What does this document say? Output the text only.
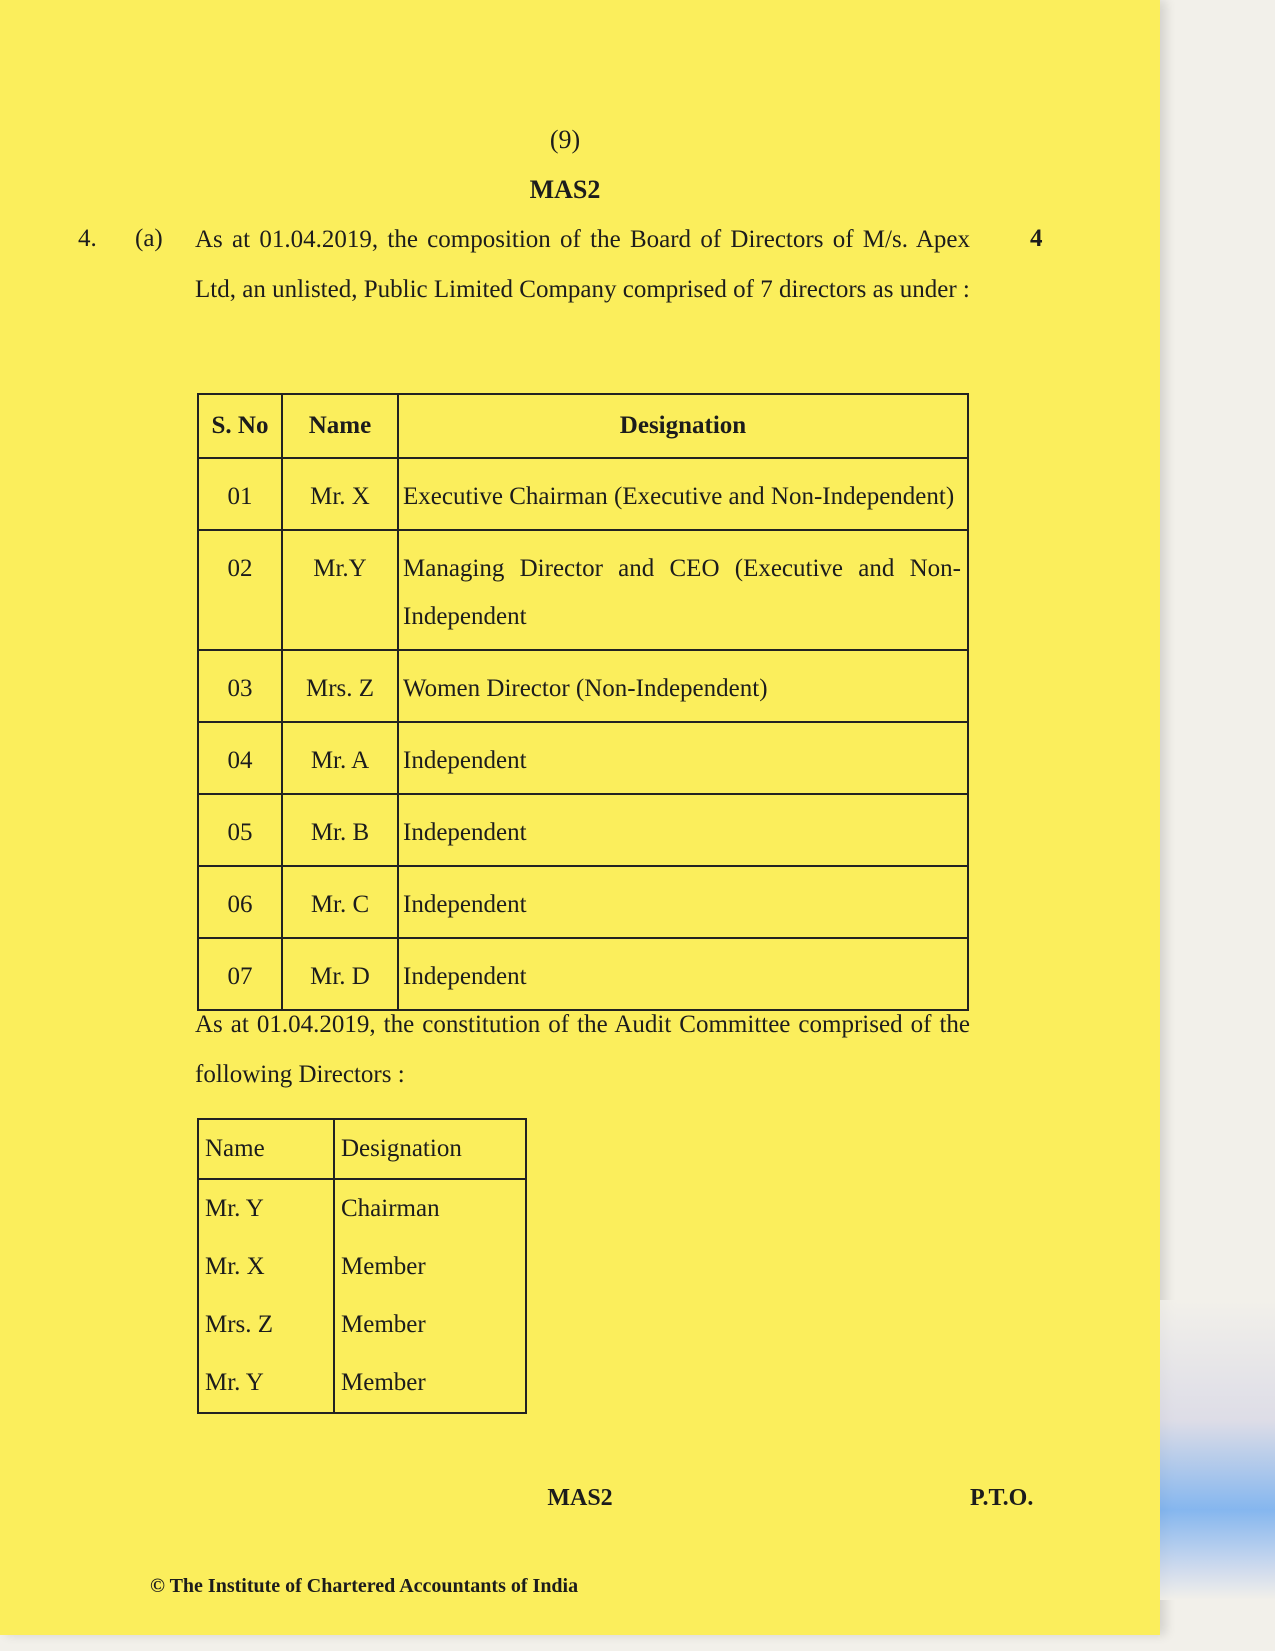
(9)
MAS2
4. (a)	4
As at 01.04.2019, the composition of the Board of Directors of M/s. Apex Ltd, an unlisted, Public Limited Company comprised of 7 directors as under :
S. No	Name	Designation
01	Mr. X	Executive Chairman (Executive and Non-Independent)
02	Mr.Y	Managing Director and CEO (Executive and Non-Independent
03	Mrs. Z	Women Director (Non-Independent)
04	Mr. A	Independent
05	Mr. B	Independent
06	Mr. C	Independent
07	Mr. D	Independent
As at 01.04.2019, the constitution of the Audit Committee comprised of the following Directors :
Name	Designation
Mr. Y	Chairman
Mr. X	Member
Mrs. Z	Member
Mr. Y	Member
MAS2	P.T.O.
© The Institute of Chartered Accountants of India
